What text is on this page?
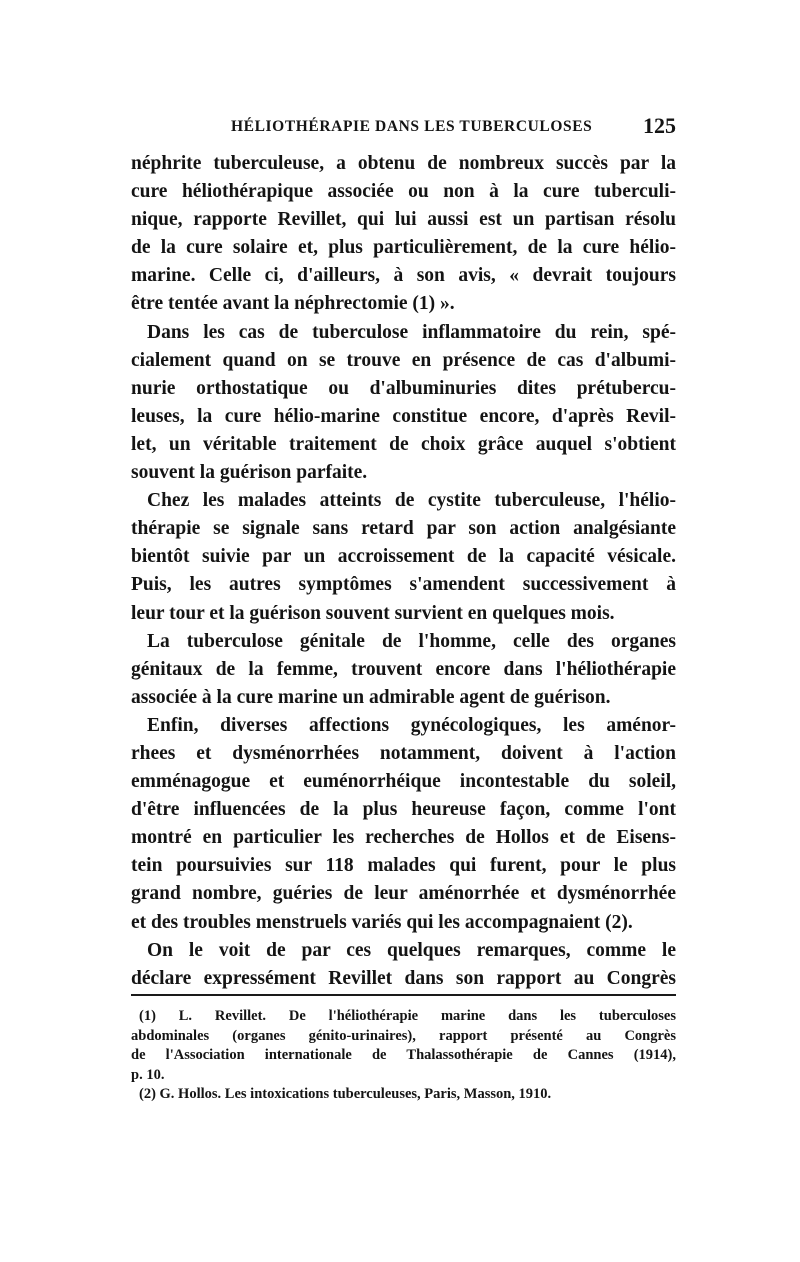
HÉLIOTHÉRAPIE DANS LES TUBERCULOSES 125
néphrite tuberculeuse, a obtenu de nombreux succès par la
cure héliothérapique associée ou non à la cure tuberculi-
nique, rapporte Revillet, qui lui aussi est un partisan résolu
de la cure solaire et, plus particulièrement, de la cure hélio-
marine. Celle ci, d'ailleurs, à son avis, « devrait toujours
être tentée avant la néphrectomie (1) ».
Dans les cas de tuberculose inflammatoire du rein, spé-
cialement quand on se trouve en présence de cas d'albumi-
nurie orthostatique ou d'albuminuries dites prétubercu-
leuses, la cure hélio-marine constitue encore, d'après Revil-
let, un véritable traitement de choix grâce auquel s'obtient
souvent la guérison parfaite.
Chez les malades atteints de cystite tuberculeuse, l'hélio-
thérapie se signale sans retard par son action analgésiante
bientôt suivie par un accroissement de la capacité vésicale.
Puis, les autres symptômes s'amendent successivement à
leur tour et la guérison souvent survient en quelques mois.
La tuberculose génitale de l'homme, celle des organes
génitaux de la femme, trouvent encore dans l'héliothérapie
associée à la cure marine un admirable agent de guérison.
Enfin, diverses affections gynécologiques, les aménor-
rhees et dysménorrhées notamment, doivent à l'action
emménagogue et euménorrhéique incontestable du soleil,
d'être influencées de la plus heureuse façon, comme l'ont
montré en particulier les recherches de Hollos et de Eisens-
tein poursuivies sur 118 malades qui furent, pour le plus
grand nombre, guéries de leur aménorrhée et dysménorrhée
et des troubles menstruels variés qui les accompagnaient (2).
On le voit de par ces quelques remarques, comme le
déclare expressément Revillet dans son rapport au Congrès
(1) L. Revillet. De l'héliothérapie marine dans les tuberculoses
abdominales (organes génito-urinaires), rapport présenté au Congrès
de l'Association internationale de Thalassothérapie de Cannes (1914),
p. 10.
(2) G. Hollos. Les intoxications tuberculeuses, Paris, Masson, 1910.
